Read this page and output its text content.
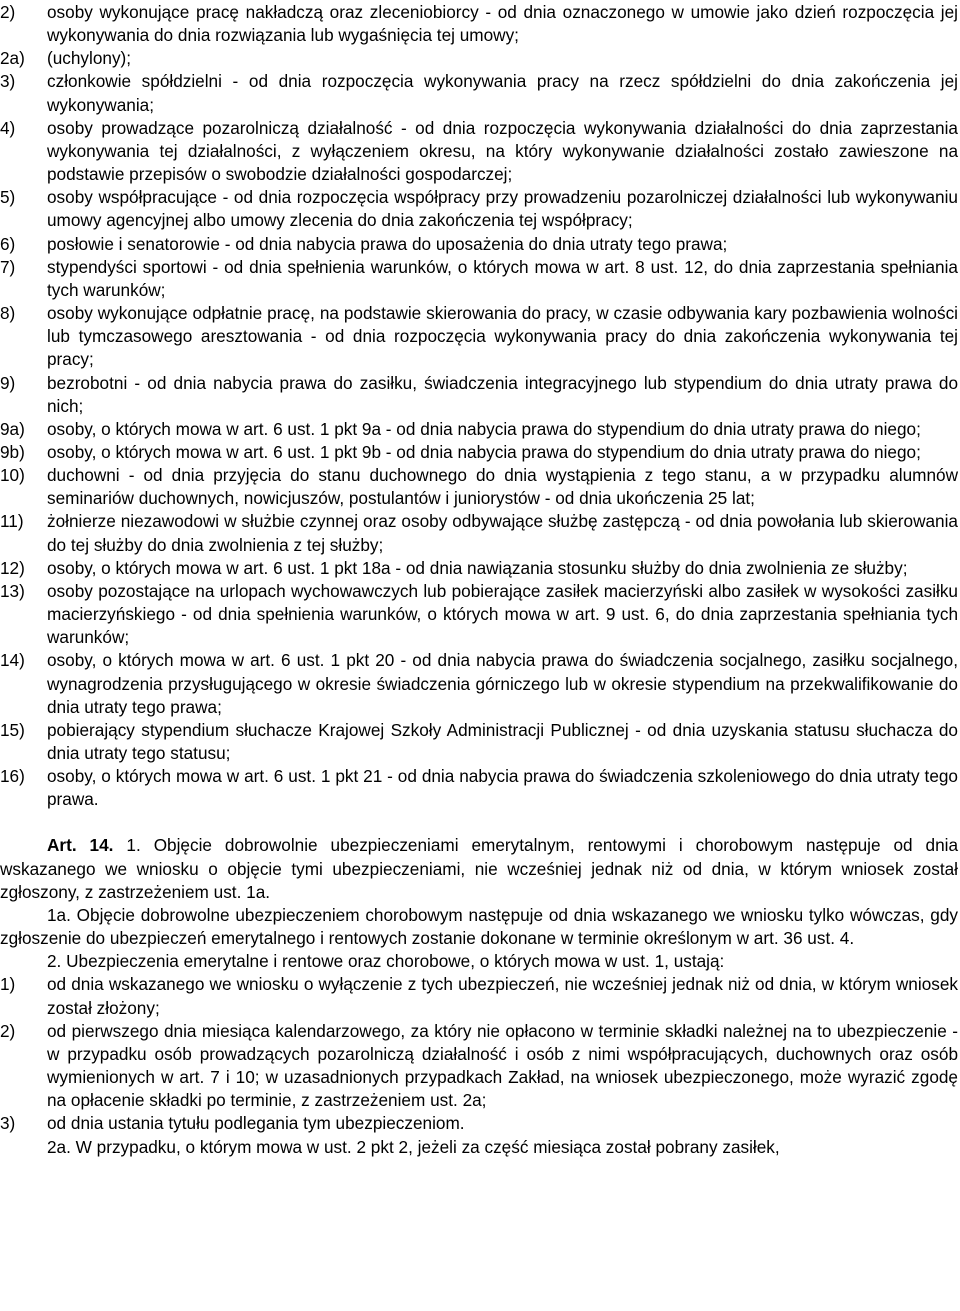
2)	osoby wykonujące pracę nakładczą oraz zleceniobiorcy - od dnia oznaczonego w umowie jako dzień rozpoczęcia jej wykonywania do dnia rozwiązania lub wygaśnięcia tej umowy;
2a)	(uchylony);
3)	członkowie spółdzielni - od dnia rozpoczęcia wykonywania pracy na rzecz spółdzielni do dnia zakończenia jej wykonywania;
4)	osoby prowadzące pozarolniczą działalność - od dnia rozpoczęcia wykonywania działalności do dnia zaprzestania wykonywania tej działalności, z wyłączeniem okresu, na który wykonywanie działalności zostało zawieszone na podstawie przepisów o swobodzie działalności gospodarczej;
5)	osoby współpracujące - od dnia rozpoczęcia współpracy przy prowadzeniu pozarolniczej działalności lub wykonywaniu umowy agencyjnej albo umowy zlecenia do dnia zakończenia tej współpracy;
6)	posłowie i senatorowie - od dnia nabycia prawa do uposażenia do dnia utraty tego prawa;
7)	stypendyści sportowi - od dnia spełnienia warunków, o których mowa w art. 8 ust. 12, do dnia zaprzestania spełniania tych warunków;
8)	osoby wykonujące odpłatnie pracę, na podstawie skierowania do pracy, w czasie odbywania kary pozbawienia wolności lub tymczasowego aresztowania - od dnia rozpoczęcia wykonywania pracy do dnia zakończenia wykonywania tej pracy;
9)	bezrobotni - od dnia nabycia prawa do zasiłku, świadczenia integracyjnego lub stypendium do dnia utraty prawa do nich;
9a)	osoby, o których mowa w art. 6 ust. 1 pkt 9a - od dnia nabycia prawa do stypendium do dnia utraty prawa do niego;
9b)	osoby, o których mowa w art. 6 ust. 1 pkt 9b - od dnia nabycia prawa do stypendium do dnia utraty prawa do niego;
10)	duchowni - od dnia przyjęcia do stanu duchownego do dnia wystąpienia z tego stanu, a w przypadku alumnów seminariów duchownych, nowicjuszów, postulantów i juniorystów - od dnia ukończenia 25 lat;
11)	żołnierze niezawodowi w służbie czynnej oraz osoby odbywające służbę zastępczą - od dnia powołania lub skierowania do tej służby do dnia zwolnienia z tej służby;
12)	osoby, o których mowa w art. 6 ust. 1 pkt 18a - od dnia nawiązania stosunku służby do dnia zwolnienia ze służby;
13)	osoby pozostające na urlopach wychowawczych lub pobierające zasiłek macierzyński albo zasiłek w wysokości zasiłku macierzyńskiego - od dnia spełnienia warunków, o których mowa w art. 9 ust. 6, do dnia zaprzestania spełniania tych warunków;
14)	osoby, o których mowa w art. 6 ust. 1 pkt 20 - od dnia nabycia prawa do świadczenia socjalnego, zasiłku socjalnego, wynagrodzenia przysługującego w okresie świadczenia górniczego lub w okresie stypendium na przekwalifikowanie do dnia utraty tego prawa;
15)	pobierający stypendium słuchacze Krajowej Szkoły Administracji Publicznej - od dnia uzyskania statusu słuchacza do dnia utraty tego statusu;
16)	osoby, o których mowa w art. 6 ust. 1 pkt 21 - od dnia nabycia prawa do świadczenia szkoleniowego do dnia utraty tego prawa.
Art. 14. 1. Objęcie dobrowolnie ubezpieczeniami emerytalnym, rentowymi i chorobowym następuje od dnia wskazanego we wniosku o objęcie tymi ubezpieczeniami, nie wcześniej jednak niż od dnia, w którym wniosek został zgłoszony, z zastrzeżeniem ust. 1a.
1a. Objęcie dobrowolne ubezpieczeniem chorobowym następuje od dnia wskazanego we wniosku tylko wówczas, gdy zgłoszenie do ubezpieczeń emerytalnego i rentowych zostanie dokonane w terminie określonym w art. 36 ust. 4.
2. Ubezpieczenia emerytalne i rentowe oraz chorobowe, o których mowa w ust. 1, ustają:
1)	od dnia wskazanego we wniosku o wyłączenie z tych ubezpieczeń, nie wcześniej jednak niż od dnia, w którym wniosek został złożony;
2)	od pierwszego dnia miesiąca kalendarzowego, za który nie opłacono w terminie składki należnej na to ubezpieczenie - w przypadku osób prowadzących pozarolniczą działalność i osób z nimi współpracujących, duchownych oraz osób wymienionych w art. 7 i 10; w uzasadnionych przypadkach Zakład, na wniosek ubezpieczonego, może wyrazić zgodę na opłacenie składki po terminie, z zastrzeżeniem ust. 2a;
3)	od dnia ustania tytułu podlegania tym ubezpieczeniom.
2a. W przypadku, o którym mowa w ust. 2 pkt 2, jeżeli za część miesiąca został pobrany zasiłek,
